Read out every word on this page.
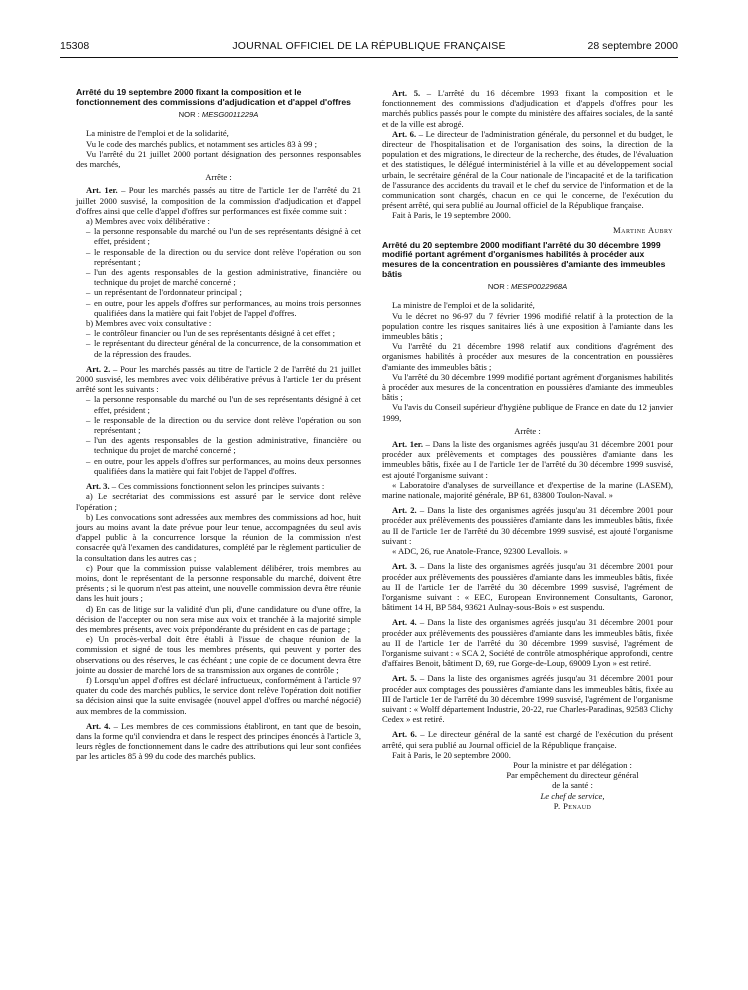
15308	JOURNAL OFFICIEL DE LA RÉPUBLIQUE FRANÇAISE	28 septembre 2000
Arrêté du 19 septembre 2000 fixant la composition et le fonctionnement des commissions d'adjudication et d'appel d'offres
NOR : MESG0011229A

La ministre de l'emploi et de la solidarité,

Vu le code des marchés publics, et notamment ses articles 83 à 99 ;

Vu l'arrêté du 21 juillet 2000 portant désignation des personnes responsables des marchés,

Arrête :

Art. 1er. – Pour les marchés passés au titre de l'article 1er de l'arrêté du 21 juillet 2000 susvisé, la composition de la commission d'adjudication et d'appel d'offres ainsi que celle d'appel d'offres sur performances est fixée comme suit :

a) Membres avec voix délibérative :

– la personne responsable du marché ou l'un de ses représentants désigné à cet effet, président ;
– le responsable de la direction ou du service dont relève l'opération ou son représentant ;
– l'un des agents responsables de la gestion administrative, financière ou technique du projet de marché concerné ;
– un représentant de l'ordonnateur principal ;
– en outre, pour les appels d'offres sur performances, au moins trois personnes qualifiées dans la matière qui fait l'objet de l'appel d'offres.

b) Membres avec voix consultative :

– le contrôleur financier ou l'un de ses représentants désigné à cet effet ;
– le représentant du directeur général de la concurrence, de la consommation et de la répression des fraudes.

Art. 2. – Pour les marchés passés au titre de l'article 2 de l'arrêté du 21 juillet 2000 susvisé, les membres avec voix délibérative prévus à l'article 1er du présent arrêté sont les suivants :

– la personne responsable du marché ou l'un de ses représentants désigné à cet effet, président ;
– le responsable de la direction ou du service dont relève l'opération ou son représentant ;
– l'un des agents responsables de la gestion administrative, financière ou technique du projet de marché concerné ;
– en outre, pour les appels d'offres sur performances, au moins deux personnes qualifiées dans la matière qui fait l'objet de l'appel d'offres.

Art. 3. – Ces commissions fonctionnent selon les principes suivants :

a) Le secrétariat des commissions est assuré par le service dont relève l'opération ;

b) Les convocations sont adressées aux membres des commissions ad hoc, huit jours au moins avant la date prévue pour leur tenue, accompagnées du seul avis d'appel public à la concurrence lorsque la réunion de la commission n'est consacrée qu'à l'examen des candidatures, complété par le règlement particulier de la consultation dans les autres cas ;

c) Pour que la commission puisse valablement délibérer, trois membres au moins, dont le représentant de la personne responsable du marché, doivent être présents ; si le quorum n'est pas atteint, une nouvelle commission devra être réunie dans les huit jours ;

d) En cas de litige sur la validité d'un pli, d'une candidature ou d'une offre, la décision de l'accepter ou non sera mise aux voix et tranchée à la majorité simple des membres présents, avec voix prépondérante du président en cas de partage ;

e) Un procès-verbal doit être établi à l'issue de chaque réunion de la commission et signé de tous les membres présents, qui peuvent y porter des observations ou des réserves, le cas échéant ; une copie de ce document devra être jointe au dossier de marché lors de sa transmission aux organes de contrôle ;

f) Lorsqu'un appel d'offres est déclaré infructueux, conformément à l'article 97 quater du code des marchés publics, le service dont relève l'opération doit notifier sa décision ainsi que la suite envisagée (nouvel appel d'offres ou marché négocié) aux membres de la commission.

Art. 4. – Les membres de ces commissions établiront, en tant que de besoin, dans la forme qu'il conviendra et dans le respect des principes énoncés à l'article 3, leurs règles de fonctionnement dans le cadre des attributions qui leur sont confiées par les articles 85 à 99 du code des marchés publics.

Art. 5. – L'arrêté du 16 décembre 1993 fixant la composition et le fonctionnement des commissions d'adjudication et d'appels d'offres pour les marchés publics passés pour le compte du ministère des affaires sociales, de la santé et de la ville est abrogé.

Art. 6. – Le directeur de l'administration générale, du personnel et du budget, le directeur de l'hospitalisation et de l'organisation des soins, la direction de la population et des migrations, le directeur de la recherche, des études, de l'évaluation et des statistiques, le délégué interministériel à la ville et au développement social urbain, le secrétaire général de la Cour nationale de l'incapacité et de la tarification de l'assurance des accidents du travail et le chef du service de l'information et de la communication sont chargés, chacun en ce qui le concerne, de l'exécution du présent arrêté, qui sera publié au Journal officiel de la République française.

Fait à Paris, le 19 septembre 2000.

Martine Aubry
Arrêté du 20 septembre 2000 modifiant l'arrêté du 30 décembre 1999 modifié portant agrément d'organismes habilités à procéder aux mesures de la concentration en poussières d'amiante des immeubles bâtis
NOR : MESP0022968A

La ministre de l'emploi et de la solidarité,

Vu le décret no 96-97 du 7 février 1996 modifié relatif à la protection de la population contre les risques sanitaires liés à une exposition à l'amiante dans les immeubles bâtis ;

Vu l'arrêté du 21 décembre 1998 relatif aux conditions d'agrément des organismes habilités à procéder aux mesures de la concentration en poussières d'amiante des immeubles bâtis ;

Vu l'arrêté du 30 décembre 1999 modifié portant agrément d'organismes habilités à procéder aux mesures de la concentration en poussières d'amiante des immeubles bâtis ;

Vu l'avis du Conseil supérieur d'hygiène publique de France en date du 12 janvier 1999,

Arrête :

Art. 1er. – Dans la liste des organismes agréés jusqu'au 31 décembre 2001 pour procéder aux prélèvements et comptages des poussières d'amiante dans les immeubles bâtis, fixée au I de l'article 1er de l'arrêté du 30 décembre 1999 susvisé, est ajouté l'organisme suivant :

« Laboratoire d'analyses de surveillance et d'expertise de la marine (LASEM), marine nationale, majorité générale, BP 61, 83800 Toulon-Naval. »

Art. 2. – Dans la liste des organismes agréés jusqu'au 31 décembre 2001 pour procéder aux prélèvements des poussières d'amiante dans les immeubles bâtis, fixée au II de l'article 1er de l'arrêté du 30 décembre 1999 susvisé, est ajouté l'organisme suivant :

« ADC, 26, rue Anatole-France, 92300 Levallois. »

Art. 3. – Dans la liste des organismes agréés jusqu'au 31 décembre 2001 pour procéder aux prélèvements des poussières d'amiante dans les immeubles bâtis, fixée au II de l'article 1er de l'arrêté du 30 décembre 1999 susvisé, l'agrément de l'organisme suivant : « EEC, European Environnement Consultants, Garonor, bâtiment 14 H, BP 584, 93621 Aulnay-sous-Bois » est suspendu.

Art. 4. – Dans la liste des organismes agréés jusqu'au 31 décembre 2001 pour procéder aux prélèvements des poussières d'amiante dans les immeubles bâtis, fixée au II de l'article 1er de l'arrêté du 30 décembre 1999 susvisé, l'agrément de l'organisme suivant : « SCA 2, Société de contrôle atmosphérique approfondi, centre d'affaires Benoit, bâtiment D, 69, rue Gorge-de-Loup, 69009 Lyon » est retiré.

Art. 5. – Dans la liste des organismes agréés jusqu'au 31 décembre 2001 pour procéder aux comptages des poussières d'amiante dans les immeubles bâtis, fixée au III de l'article 1er de l'arrêté du 30 décembre 1999 susvisé, l'agrément de l'organisme suivant : « Wolff département Industrie, 20-22, rue Charles-Paradinas, 92583 Clichy Cedex » est retiré.

Art. 6. – Le directeur général de la santé est chargé de l'exécution du présent arrêté, qui sera publié au Journal officiel de la République française.

Fait à Paris, le 20 septembre 2000.

Pour la ministre et par délégation :
Par empêchement du directeur général
de la santé :
Le chef de service,
P. Penaud
